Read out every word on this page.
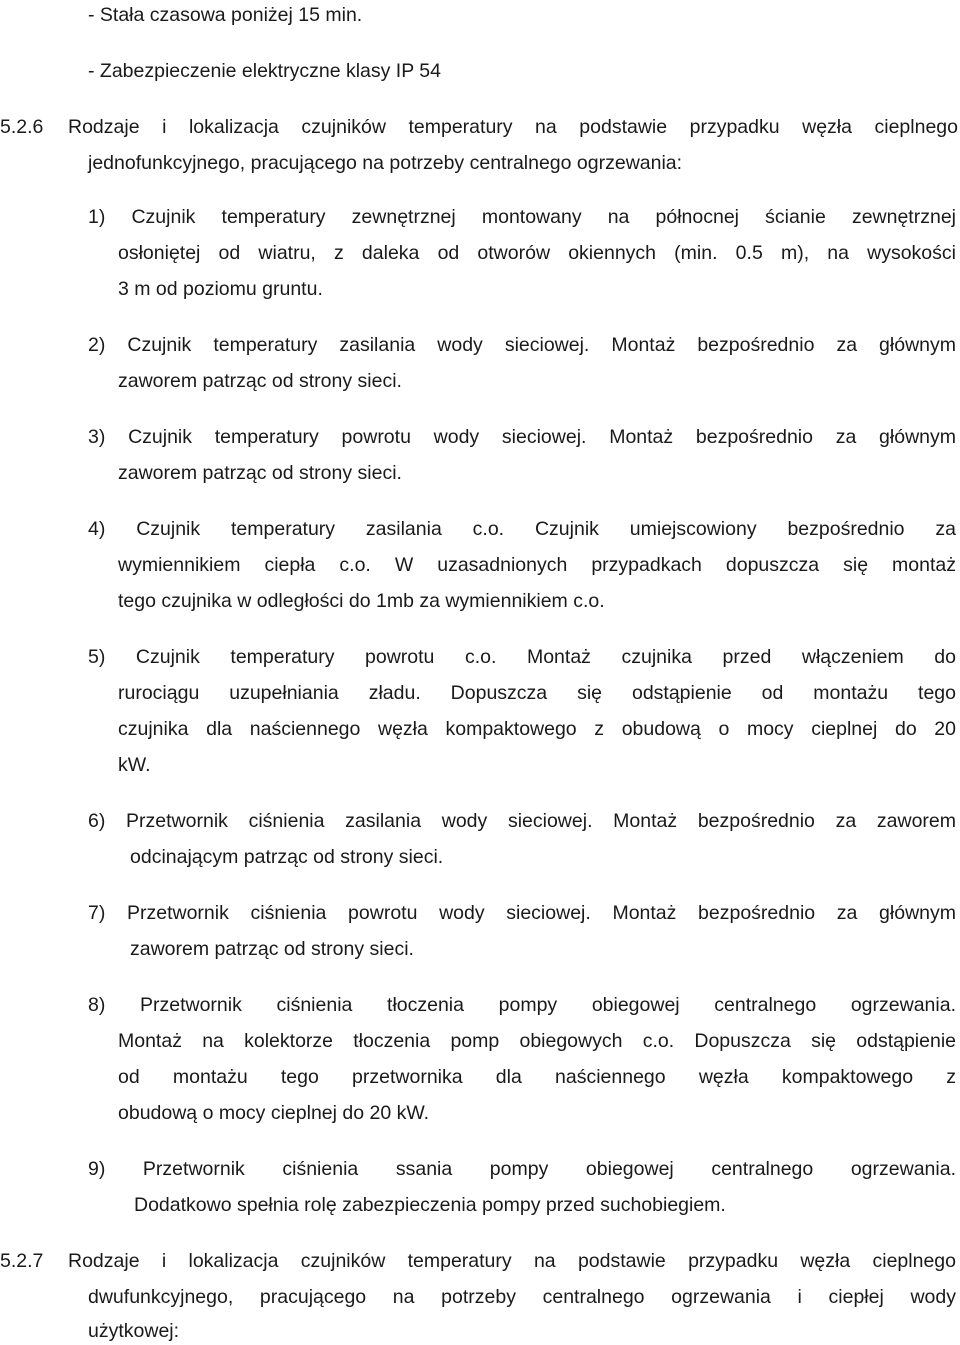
- Stała czasowa poniżej 15 min.
- Zabezpieczenie elektryczne klasy IP 54
5.2.6 Rodzaje i lokalizacja czujników temperatury na podstawie przypadku węzła cieplnego
jednofunkcyjnego, pracującego na potrzeby centralnego ogrzewania:
1) Czujnik temperatury zewnętrznej montowany na północnej ścianie zewnętrznej
osłoniętej od wiatru, z daleka od otworów okiennych (min. 0.5 m), na wysokości
3 m od poziomu gruntu.
2) Czujnik temperatury zasilania wody sieciowej. Montaż bezpośrednio za głównym
zaworem patrząc od strony sieci.
3) Czujnik temperatury powrotu wody sieciowej. Montaż bezpośrednio za głównym
zaworem patrząc od strony sieci.
4) Czujnik temperatury zasilania c.o. Czujnik umiejscowiony bezpośrednio za
wymiennikiem ciepła c.o. W uzasadnionych przypadkach dopuszcza się montaż
tego czujnika w odległości do 1mb za wymiennikiem c.o.
5) Czujnik temperatury powrotu c.o. Montaż czujnika przed włączeniem do
rurociągu uzupełniania zładu. Dopuszcza się odstąpienie od montażu tego
czujnika dla naściennego węzła kompaktowego z obudową o mocy cieplnej do 20
kW.
6) Przetwornik ciśnienia zasilania wody sieciowej. Montaż bezpośrednio za zaworem
odcinającym patrząc od strony sieci.
7) Przetwornik ciśnienia powrotu wody sieciowej. Montaż bezpośrednio za głównym
zaworem patrząc od strony sieci.
8) Przetwornik ciśnienia tłoczenia pompy obiegowej centralnego ogrzewania.
Montaż na kolektorze tłoczenia pomp obiegowych c.o. Dopuszcza się odstąpienie
od montażu tego przetwornika dla naściennego węzła kompaktowego z
obudową o mocy cieplnej do 20 kW.
9) Przetwornik ciśnienia ssania pompy obiegowej centralnego ogrzewania.
Dodatkowo spełnia rolę zabezpieczenia pompy przed suchobiegiem.
5.2.7 Rodzaje i lokalizacja czujników temperatury na podstawie przypadku węzła cieplnego
dwufunkcyjnego, pracującego na potrzeby centralnego ogrzewania i ciepłej wody
użytkowej:
